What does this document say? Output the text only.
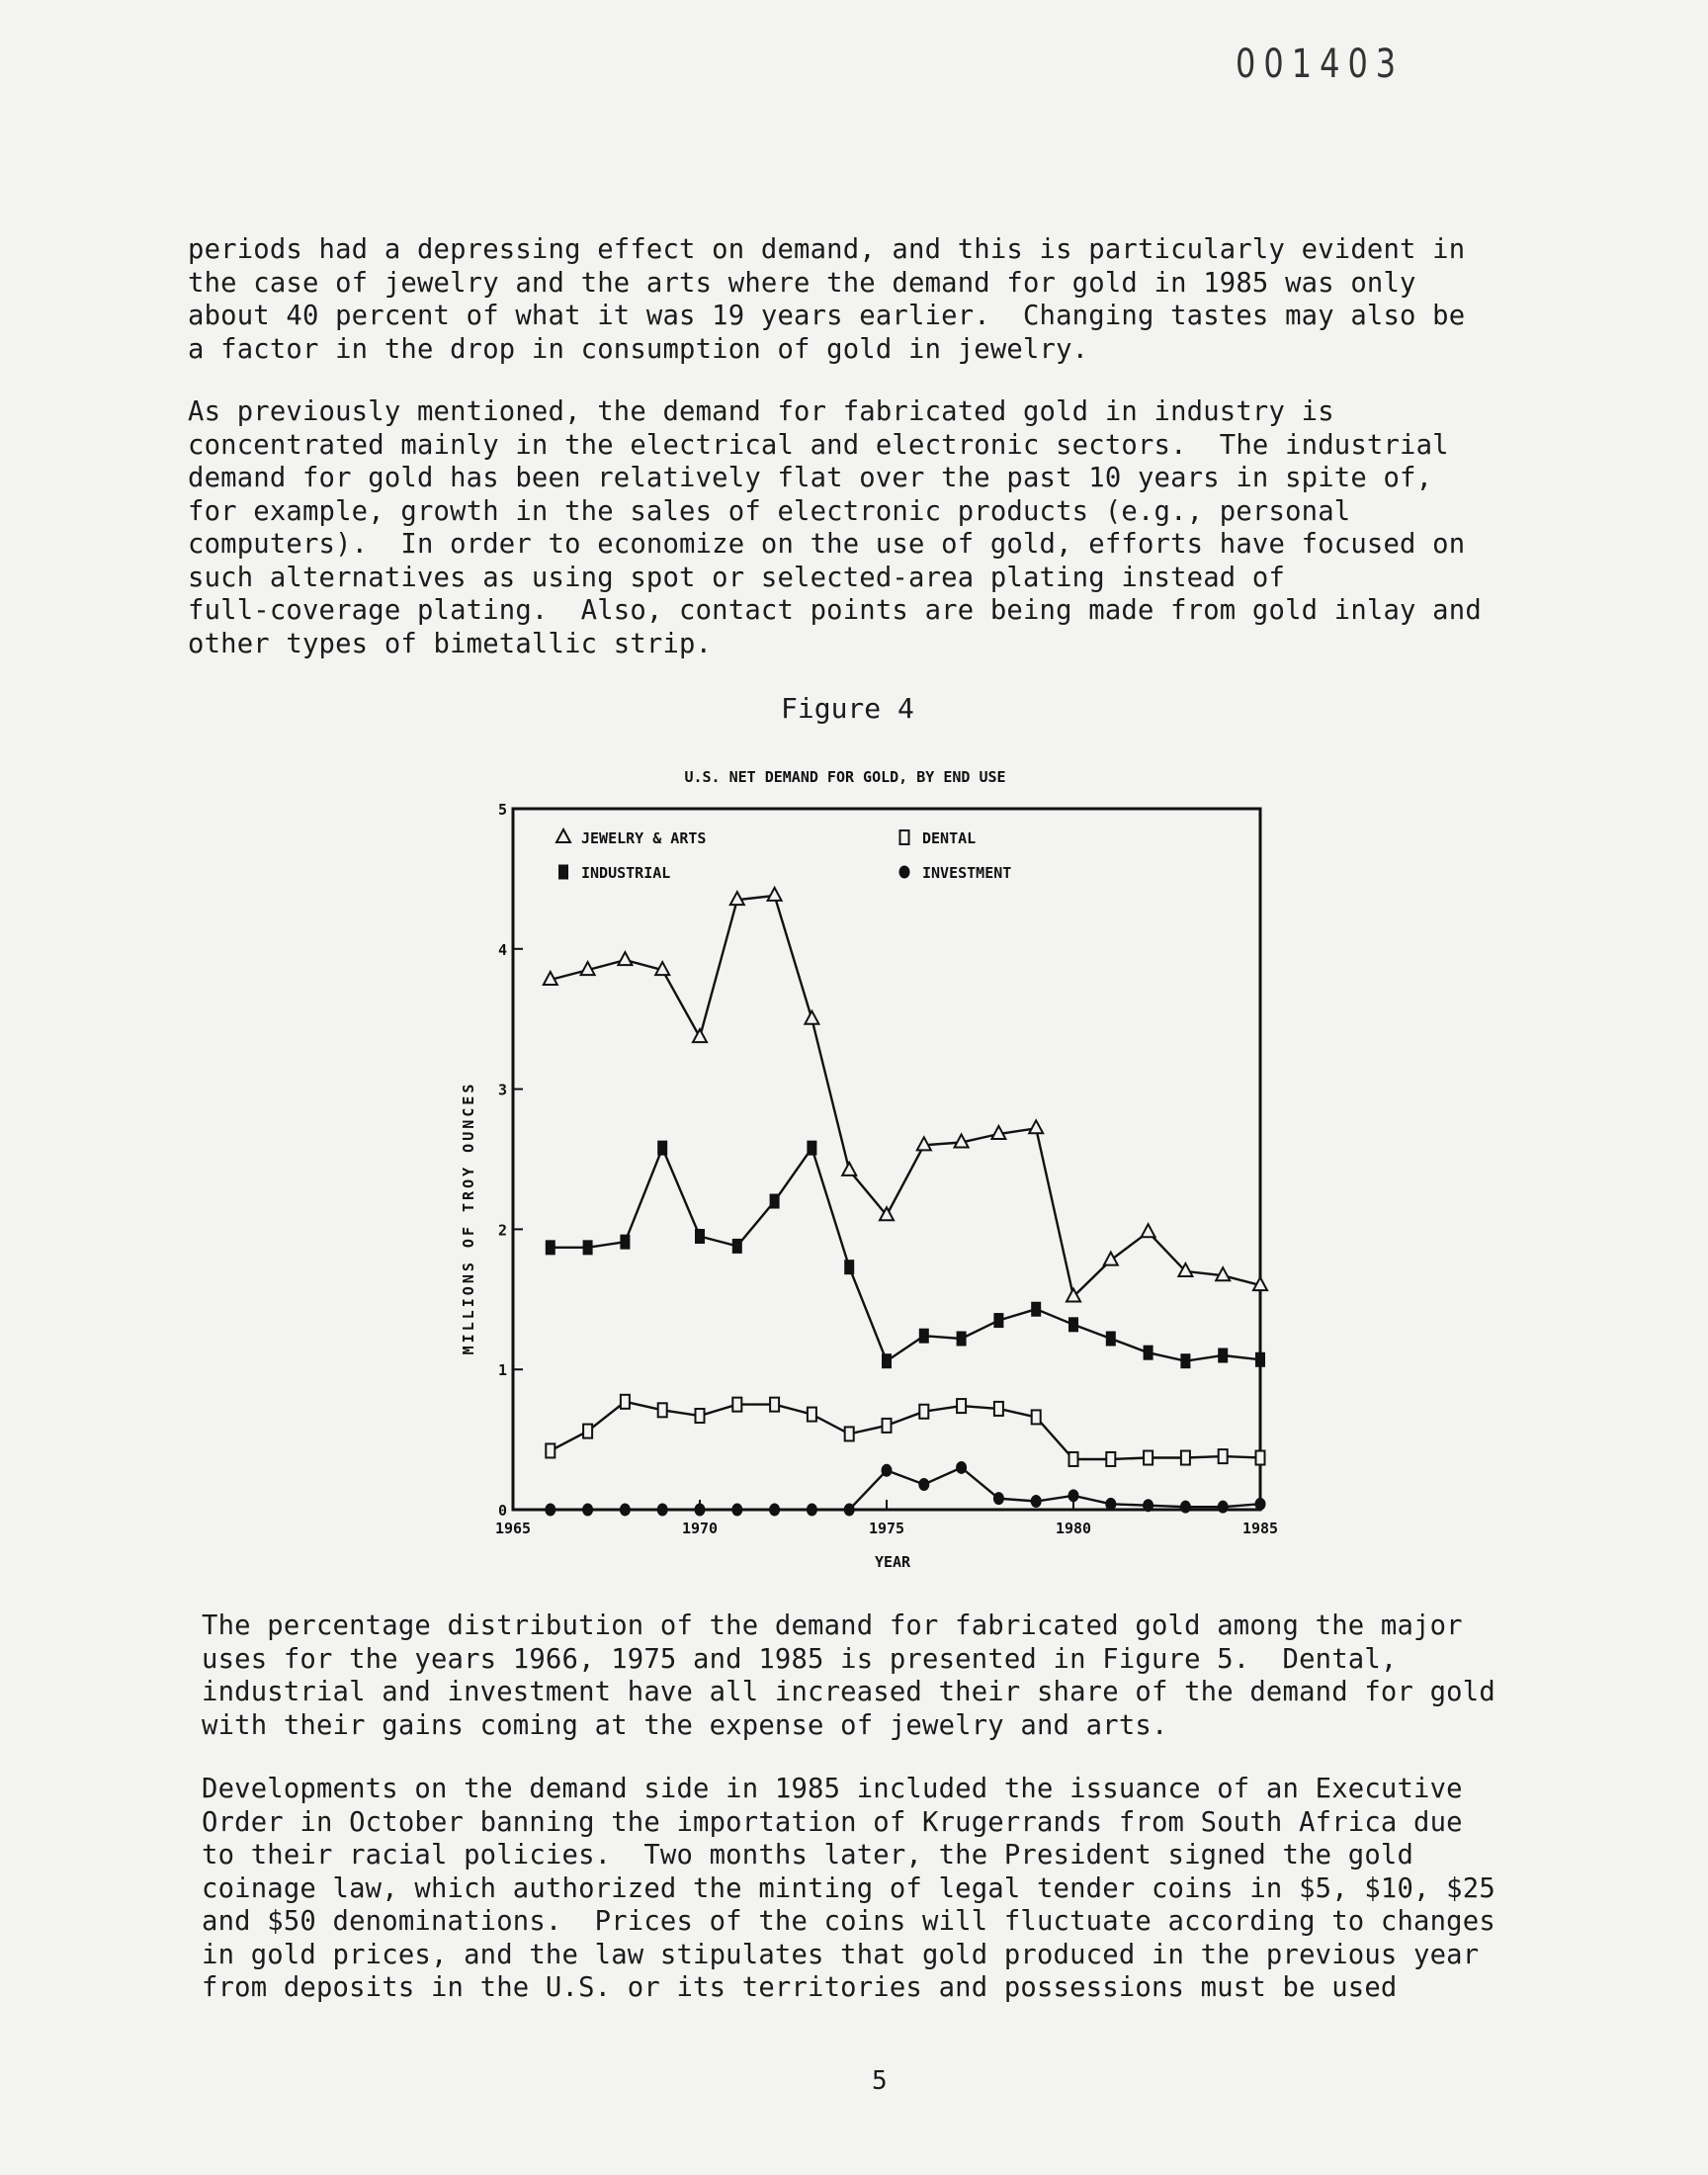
001403

periods had a depressing effect on demand, and this is particularly evident in
the case of jewelry and the arts where the demand for gold in 1985 was only
about 40 percent of what it was 19 years earlier.  Changing tastes may also be
a factor in the drop in consumption of gold in jewelry.

As previously mentioned, the demand for fabricated gold in industry is
concentrated mainly in the electrical and electronic sectors.  The industrial
demand for gold has been relatively flat over the past 10 years in spite of,
for example, growth in the sales of electronic products (e.g., personal
computers).  In order to economize on the use of gold, efforts have focused on
such alternatives as using spot or selected-area plating instead of
full-coverage plating.  Also, contact points are being made from gold inlay and
other types of bimetallic strip.

Figure 4
U.S. NET DEMAND FOR GOLD, BY END USE
MILLIONS OF TROY OUNCES
YEAR
0
1
2
3
4
5
1965	1970	1975	1980	1985
JEWELRY & ARTS	DENTAL
INDUSTRIAL	INVESTMENT

The percentage distribution of the demand for fabricated gold among the major
uses for the years 1966, 1975 and 1985 is presented in Figure 5.  Dental,
industrial and investment have all increased their share of the demand for gold
with their gains coming at the expense of jewelry and arts.

Developments on the demand side in 1985 included the issuance of an Executive
Order in October banning the importation of Krugerrands from South Africa due
to their racial policies.  Two months later, the President signed the gold
coinage law, which authorized the minting of legal tender coins in $5, $10, $25
and $50 denominations.  Prices of the coins will fluctuate according to changes
in gold prices, and the law stipulates that gold produced in the previous year
from deposits in the U.S. or its territories and possessions must be used

5
